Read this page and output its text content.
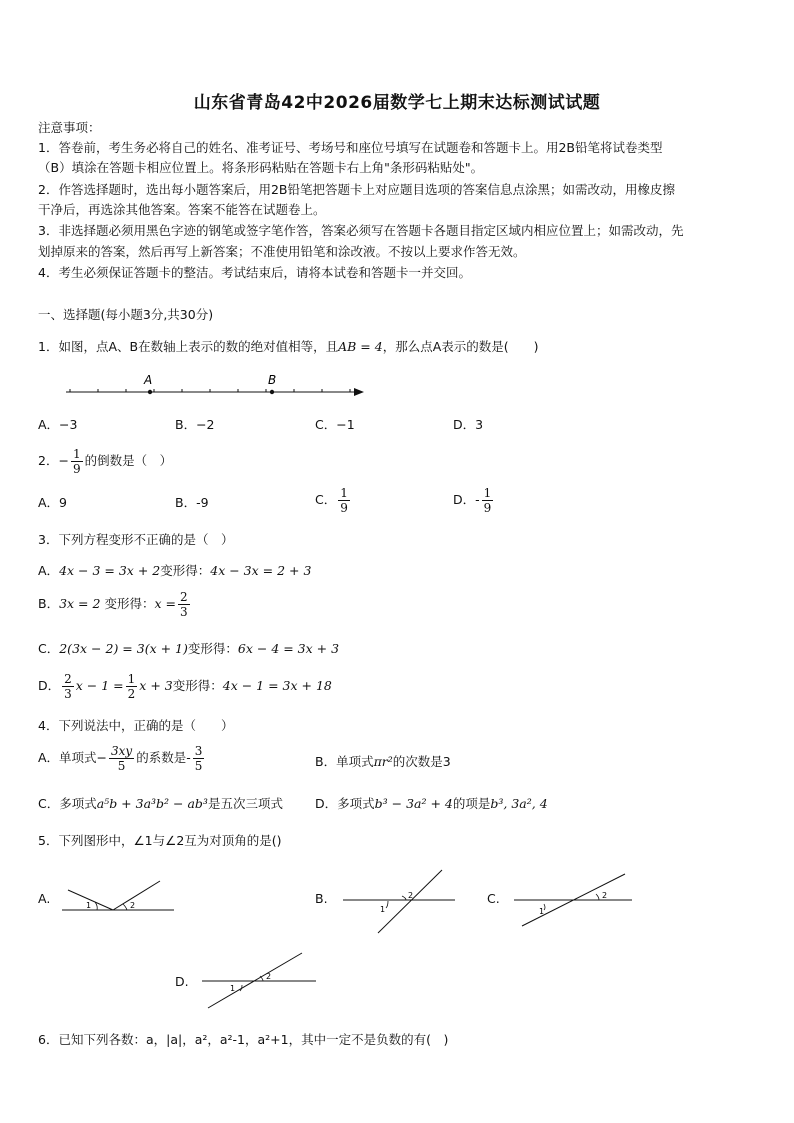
山东省青岛42中2026届数学七上期末达标测试试题
注意事项：
1．答卷前，考生务必将自己的姓名、准考证号、考场号和座位号填写在试题卷和答题卡上。用2B铅笔将试卷类型
（B）填涂在答题卡相应位置上。将条形码粘贴在答题卡右上角"条形码粘贴处"。
2．作答选择题时，选出每小题答案后，用2B铅笔把答题卡上对应题目选项的答案信息点涂黑；如需改动，用橡皮擦
干净后，再选涂其他答案。答案不能答在试题卷上。
3．非选择题必须用黑色字迹的钢笔或签字笔作答，答案必须写在答题卡各题目指定区域内相应位置上；如需改动，先
划掉原来的答案，然后再写上新答案；不准使用铅笔和涂改液。不按以上要求作答无效。
4．考生必须保证答题卡的整洁。考试结束后，请将本试卷和答题卡一并交回。
一、选择题(每小题3分,共30分)
1．如图，点A、B在数轴上表示的数的绝对值相等，且AB = 4，那么点A表示的数是(　　)
A	B
A．−3	B．−2	C．−1	D．3
2．− $\frac{1}{9}$ 的倒数是（　）
A．9	B．-9	C． $\frac{1}{9}$	D．- $\frac{1}{9}$
3．下列方程变形不正确的是（　）
A．4x − 3 = 3x + 2变形得：4x − 3x = 2 + 3
B．3x = 2 变形得：$x = \frac{2}{3}$
C．2(3x − 2) = 3(x + 1)变形得：6x − 4 = 3x + 3
D． $\frac{2}{3}$ $x - 1 = \frac{1}{2}$ x + 3变形得：4x − 1 = 3x + 18
4．下列说法中，正确的是（　　）
A．单项式− $\frac{3xy}{5}$ 的系数是- $\frac{3}{5}$	B．单项式πr²的次数是3
C．多项式a⁵b + 3a³b² − ab³是五次三项式	D．多项式b³ − 3a² + 4的项是b³, 3a², 4
5．下列图形中，∠1与∠2互为对顶角的是()
A.	1	2	B.
1
2	C.
1
2
D.	1
2
6．已知下列各数：a，|a|，a²，a²-1，a²+1，其中一定不是负数的有(　)
